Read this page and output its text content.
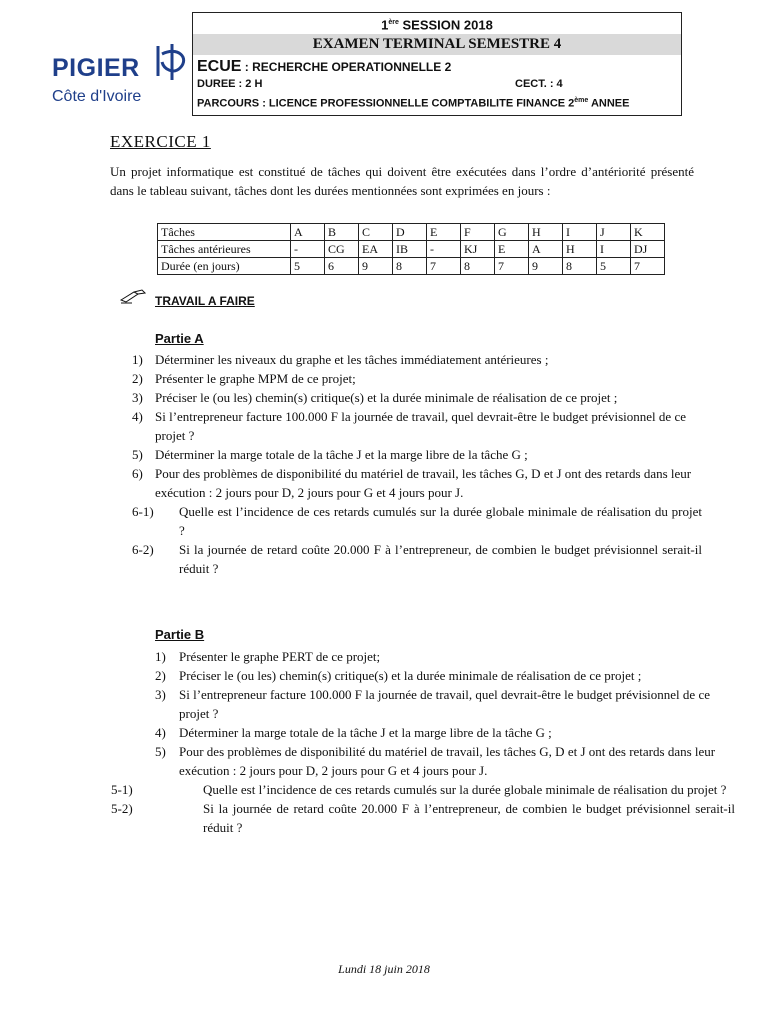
PIGIER
Côte d'Ivoire
1ère SESSION 2018
EXAMEN TERMINAL SEMESTRE 4
ECUE : RECHERCHE OPERATIONNELLE 2
DUREE : 2 H	CECT. : 4
PARCOURS : LICENCE PROFESSIONNELLE COMPTABILITE FINANCE 2ème ANNEE
EXERCICE 1
Un projet informatique est constitué de tâches qui doivent être exécutées dans l’ordre d’antériorité présenté dans le tableau suivant, tâches dont les durées mentionnées sont exprimées en jours :
Tâches	A	B	C	D	E	F	G	H	I	J	K
Tâches antérieures	-	CG	EA	IB	-	KJ	E	A	H	I	DJ
Durée (en jours)	5	6	9	8	7	8	7	9	8	5	7
TRAVAIL A FAIRE
Partie A
1) Déterminer les niveaux du graphe et les tâches immédiatement antérieures ;
2) Présenter le graphe MPM de ce projet;
3) Préciser le (ou les) chemin(s) critique(s) et la durée minimale de réalisation de ce projet ;
4) Si l’entrepreneur facture 100.000 F la journée de travail, quel devrait-être le budget prévisionnel de ce projet ?
5) Déterminer la marge totale de la tâche J et la marge libre de la tâche G ;
6) Pour des problèmes de disponibilité du matériel de travail, les tâches G, D et J ont des retards dans leur exécution : 2 jours pour D, 2 jours pour G et 4 jours pour J.
6-1) Quelle est l’incidence de ces retards cumulés sur la durée globale minimale de réalisation du projet ?
6-2) Si la journée de retard coûte 20.000 F à l’entrepreneur, de combien le budget prévisionnel serait-il réduit ?
Partie B
1) Présenter le graphe PERT de ce projet;
2) Préciser le (ou les) chemin(s) critique(s) et la durée minimale de réalisation de ce projet ;
3) Si l’entrepreneur facture 100.000 F la journée de travail, quel devrait-être le budget prévisionnel de ce projet ?
4) Déterminer la marge totale de la tâche J et la marge libre de la tâche G ;
5) Pour des problèmes de disponibilité du matériel de travail, les tâches G, D et J ont des retards dans leur exécution : 2 jours pour D, 2 jours pour G et 4 jours pour J.
5-1)	Quelle est l’incidence de ces retards cumulés sur la durée globale minimale de réalisation du projet ?
5-2)	Si la journée de retard coûte 20.000 F à l’entrepreneur, de combien le budget prévisionnel serait-il réduit ?
Lundi 18 juin 2018
